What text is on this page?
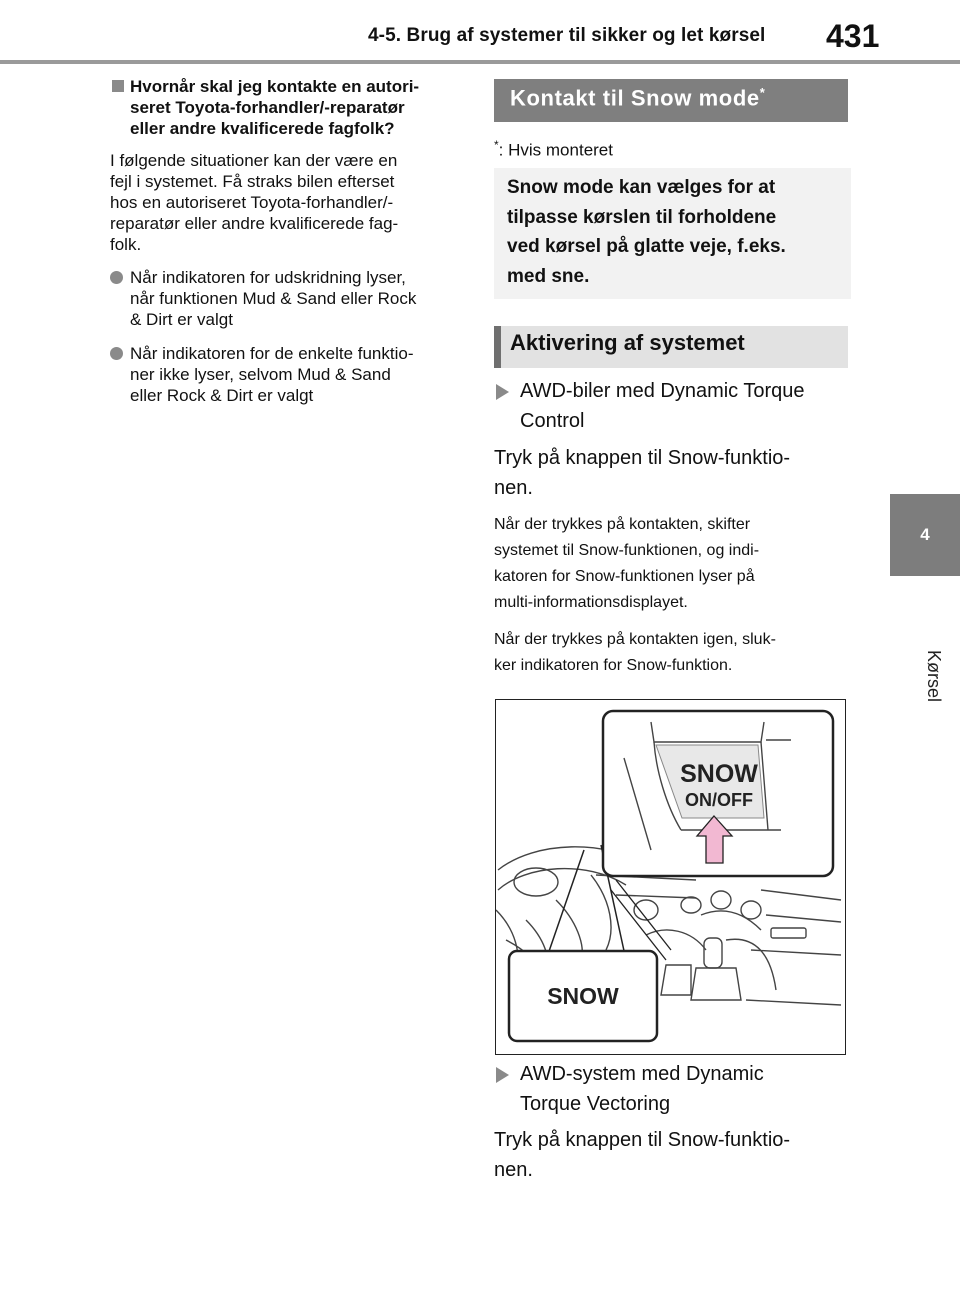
4-5. Brug af systemer til sikker og let kørsel 431
4
Kørsel
Hvornår skal jeg kontakte en autori-
seret Toyota-forhandler/-reparatør
eller andre kvalificerede fagfolk?
I følgende situationer kan der være en
fejl i systemet. Få straks bilen efterset
hos en autoriseret Toyota-forhandler/-
reparatør eller andre kvalificerede fag-
folk.
Når indikatoren for udskridning lyser,
når funktionen Mud & Sand eller Rock
& Dirt er valgt
Når indikatoren for de enkelte funktio-
ner ikke lyser, selvom Mud & Sand
eller Rock & Dirt er valgt
Kontakt til Snow mode*
*: Hvis monteret
Snow mode kan vælges for at
tilpasse kørslen til forholdene
ved kørsel på glatte veje, f.eks.
med sne.
Aktivering af systemet
AWD-biler med Dynamic Torque
Control
Tryk på knappen til Snow-funktio-
nen.
Når der trykkes på kontakten, skifter
systemet til Snow-funktionen, og indi-
katoren for Snow-funktionen lyser på
multi-informationsdisplayet.
Når der trykkes på kontakten igen, sluk-
ker indikatoren for Snow-funktion.
SNOW
ON/OFF
SNOW
AWD-system med Dynamic
Torque Vectoring
Tryk på knappen til Snow-funktio-
nen.
